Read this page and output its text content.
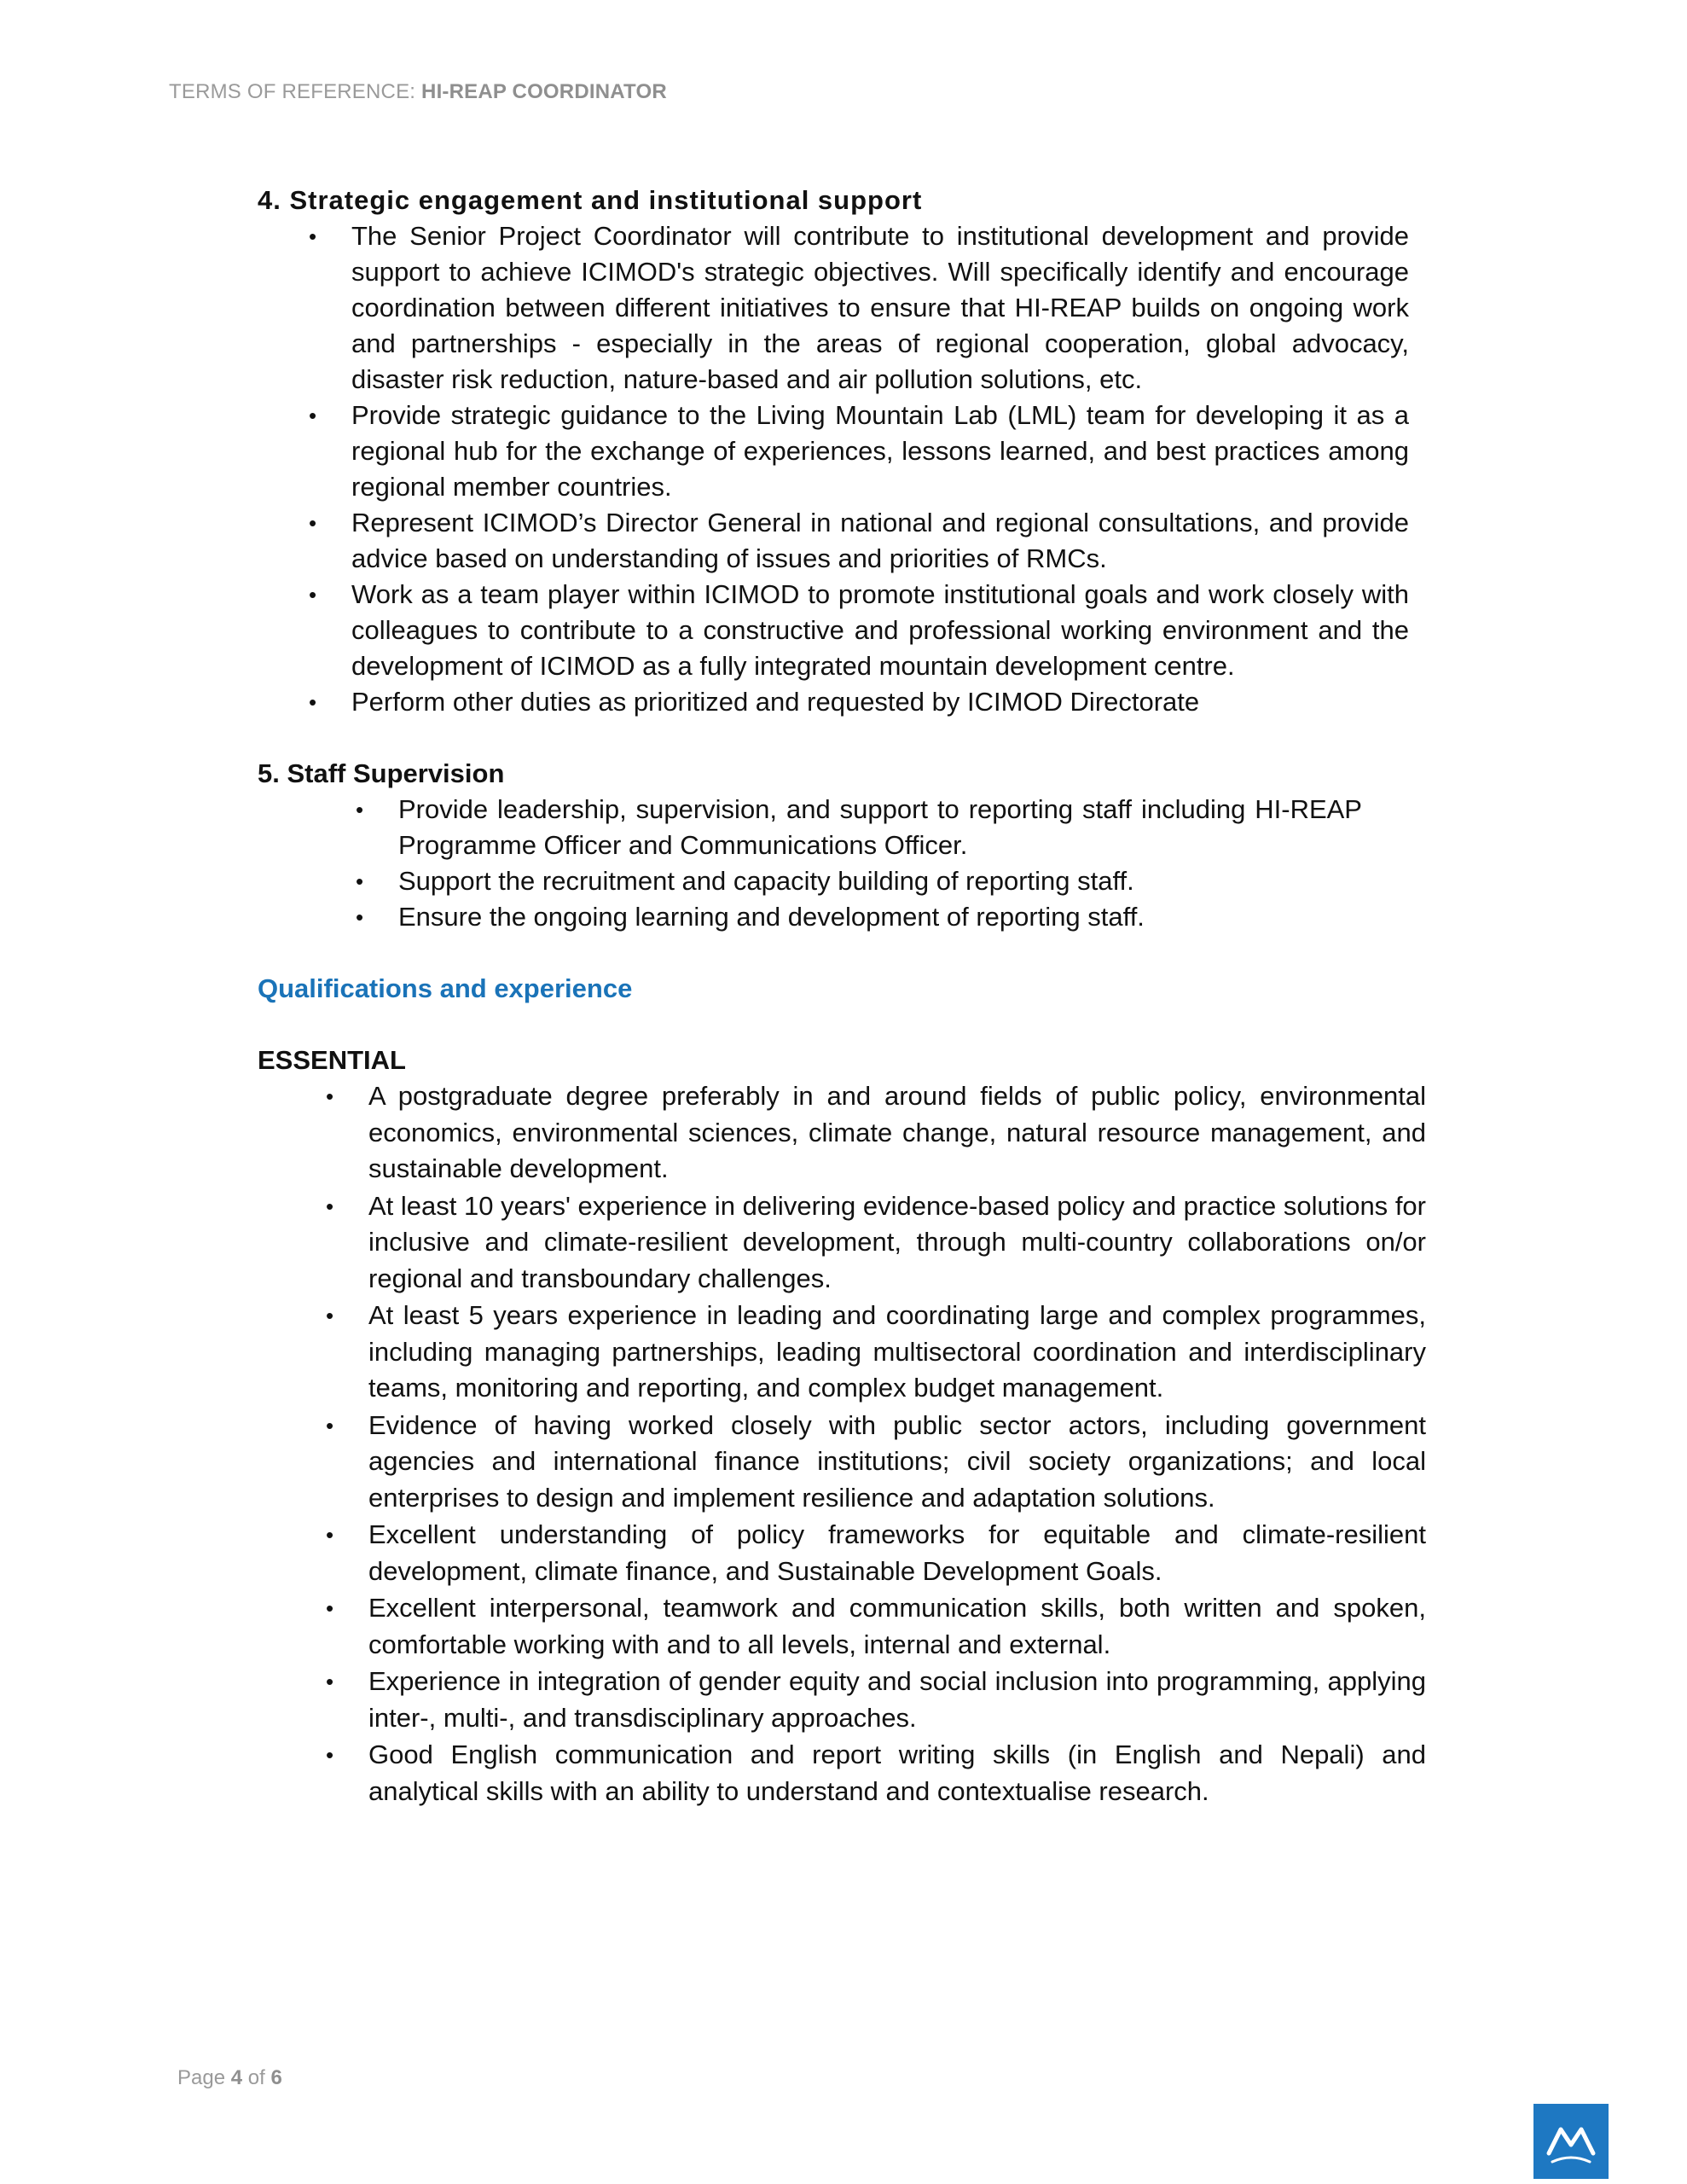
TERMS OF REFERENCE: HI-REAP COORDINATOR
4. Strategic engagement and institutional support
• The Senior Project Coordinator will contribute to institutional development and provide support to achieve ICIMOD's strategic objectives. Will specifically identify and encourage coordination between different initiatives to ensure that HI-REAP builds on ongoing work and partnerships - especially in the areas of regional cooperation, global advocacy, disaster risk reduction, nature-based and air pollution solutions, etc.
• Provide strategic guidance to the Living Mountain Lab (LML) team for developing it as a regional hub for the exchange of experiences, lessons learned, and best practices among regional member countries.
• Represent ICIMOD’s Director General in national and regional consultations, and provide advice based on understanding of issues and priorities of RMCs.
• Work as a team player within ICIMOD to promote institutional goals and work closely with colleagues to contribute to a constructive and professional working environment and the development of ICIMOD as a fully integrated mountain development centre.
• Perform other duties as prioritized and requested by ICIMOD Directorate
5. Staff Supervision
• Provide leadership, supervision, and support to reporting staff including HI-REAP Programme Officer and Communications Officer.
• Support the recruitment and capacity building of reporting staff.
• Ensure the ongoing learning and development of reporting staff.
Qualifications and experience
ESSENTIAL
• A postgraduate degree preferably in and around fields of public policy, environmental economics, environmental sciences, climate change, natural resource management, and sustainable development.
• At least 10 years' experience in delivering evidence-based policy and practice solutions for inclusive and climate-resilient development, through multi-country collaborations on/or regional and transboundary challenges.
• At least 5 years experience in leading and coordinating large and complex programmes, including managing partnerships, leading multisectoral coordination and interdisciplinary teams, monitoring and reporting, and complex budget management.
• Evidence of having worked closely with public sector actors, including government agencies and international finance institutions; civil society organizations; and local enterprises to design and implement resilience and adaptation solutions.
• Excellent understanding of policy frameworks for equitable and climate-resilient development, climate finance, and Sustainable Development Goals.
• Excellent interpersonal, teamwork and communication skills, both written and spoken, comfortable working with and to all levels, internal and external.
• Experience in integration of gender equity and social inclusion into programming, applying inter-, multi-, and transdisciplinary approaches.
• Good English communication and report writing skills (in English and Nepali) and analytical skills with an ability to understand and contextualise research.
Page 4 of 6
